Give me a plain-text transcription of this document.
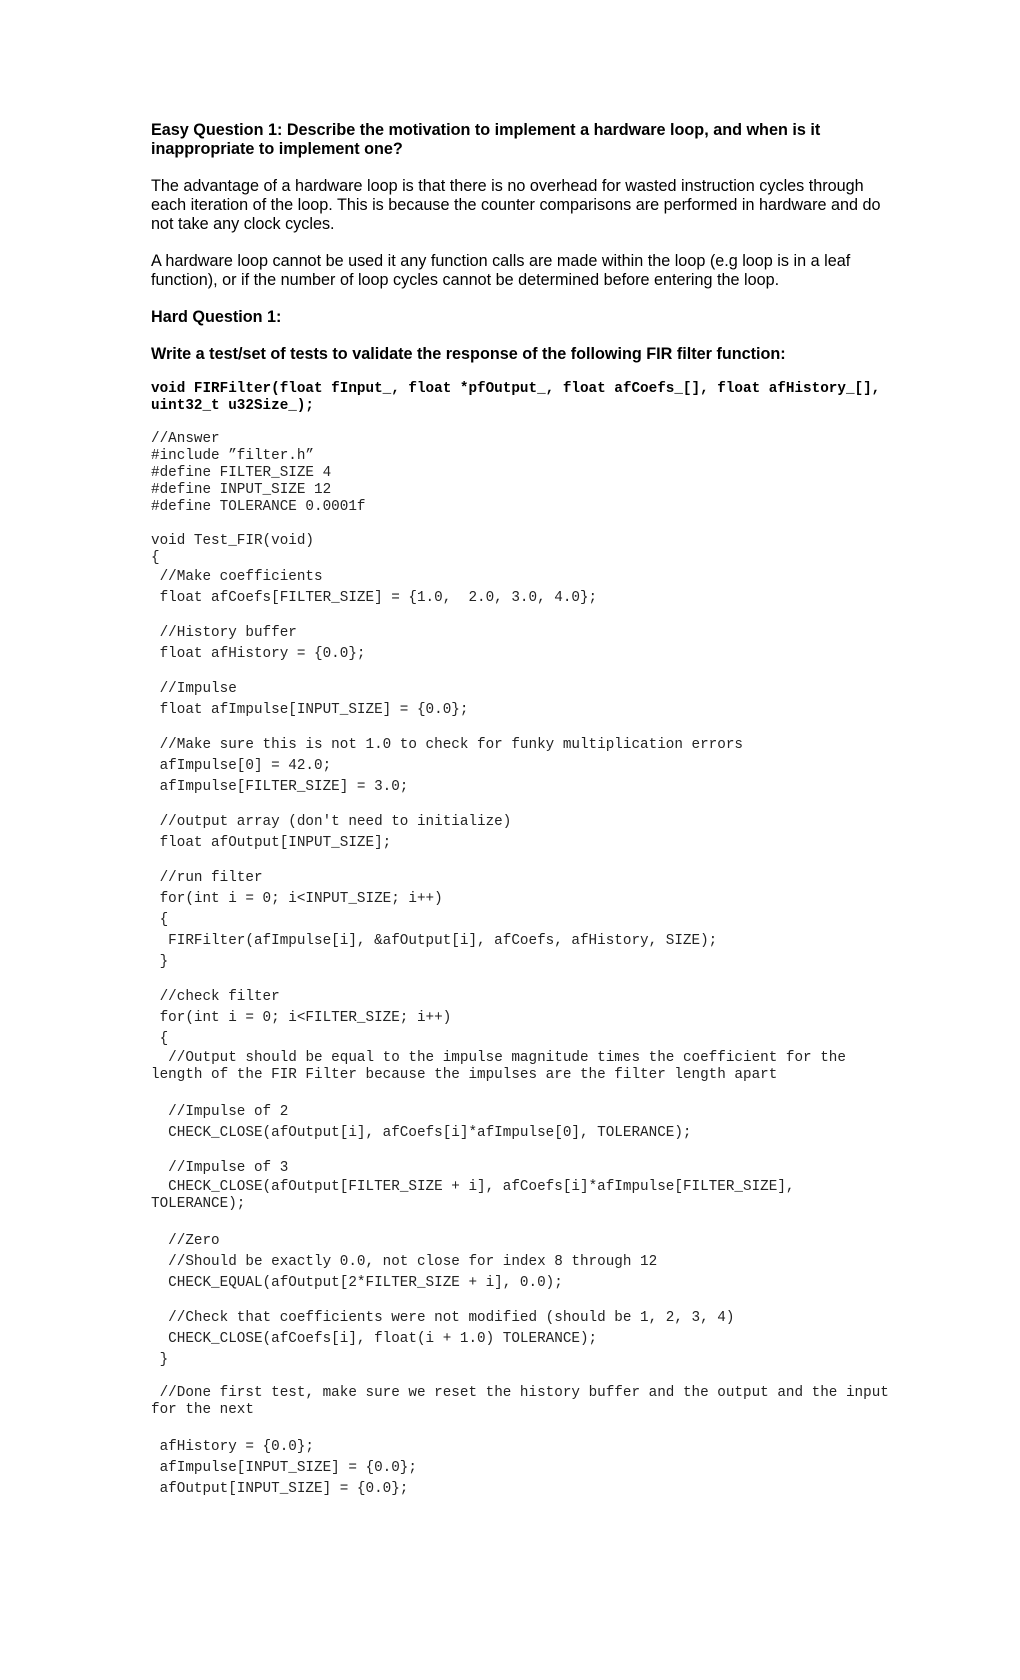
Easy Question 1: Describe the motivation to implement a hardware loop, and when is it inappropriate to implement one?

The advantage of a hardware loop is that there is no overhead for wasted instruction cycles through each iteration of the loop. This is because the counter comparisons are performed in hardware and do not take any clock cycles.

A hardware loop cannot be used it any function calls are made within the loop (e.g loop is in a leaf function), or if the number of loop cycles cannot be determined before entering the loop.

Hard Question 1:

Write a test/set of tests to validate the response of the following FIR filter function:

void FIRFilter(float fInput_, float *pfOutput_, float afCoefs_[], float afHistory_[], uint32_t u32Size_);

//Answer
#include ”filter.h”
#define FILTER_SIZE 4
#define INPUT_SIZE 12
#define TOLERANCE 0.0001f
void Test_FIR(void)
{
//Make coefficients
float afCoefs[FILTER_SIZE] = {1.0,  2.0, 3.0, 4.0};
//History buffer
float afHistory = {0.0};
//Impulse
float afImpulse[INPUT_SIZE] = {0.0};
//Make sure this is not 1.0 to check for funky multiplication errors
afImpulse[0] = 42.0;
afImpulse[FILTER_SIZE] = 3.0;
//output array (don't need to initialize)
float afOutput[INPUT_SIZE];
//run filter
for(int i = 0; i<INPUT_SIZE; i++)
{
FIRFilter(afImpulse[i], &afOutput[i], afCoefs, afHistory, SIZE);
}
//check filter
for(int i = 0; i<FILTER_SIZE; i++)
{
//Output should be equal to the impulse magnitude times the coefficient for the length of the FIR Filter because the impulses are the filter length apart
//Impulse of 2
CHECK_CLOSE(afOutput[i], afCoefs[i]*afImpulse[0], TOLERANCE);
//Impulse of 3
CHECK_CLOSE(afOutput[FILTER_SIZE + i], afCoefs[i]*afImpulse[FILTER_SIZE], TOLERANCE);
//Zero
//Should be exactly 0.0, not close for index 8 through 12
CHECK_EQUAL(afOutput[2*FILTER_SIZE + i], 0.0);
//Check that coefficients were not modified (should be 1, 2, 3, 4)
CHECK_CLOSE(afCoefs[i], float(i + 1.0) TOLERANCE);
}
//Done first test, make sure we reset the history buffer and the output and the input for the next
afHistory = {0.0};
afImpulse[INPUT_SIZE] = {0.0};
afOutput[INPUT_SIZE] = {0.0};
